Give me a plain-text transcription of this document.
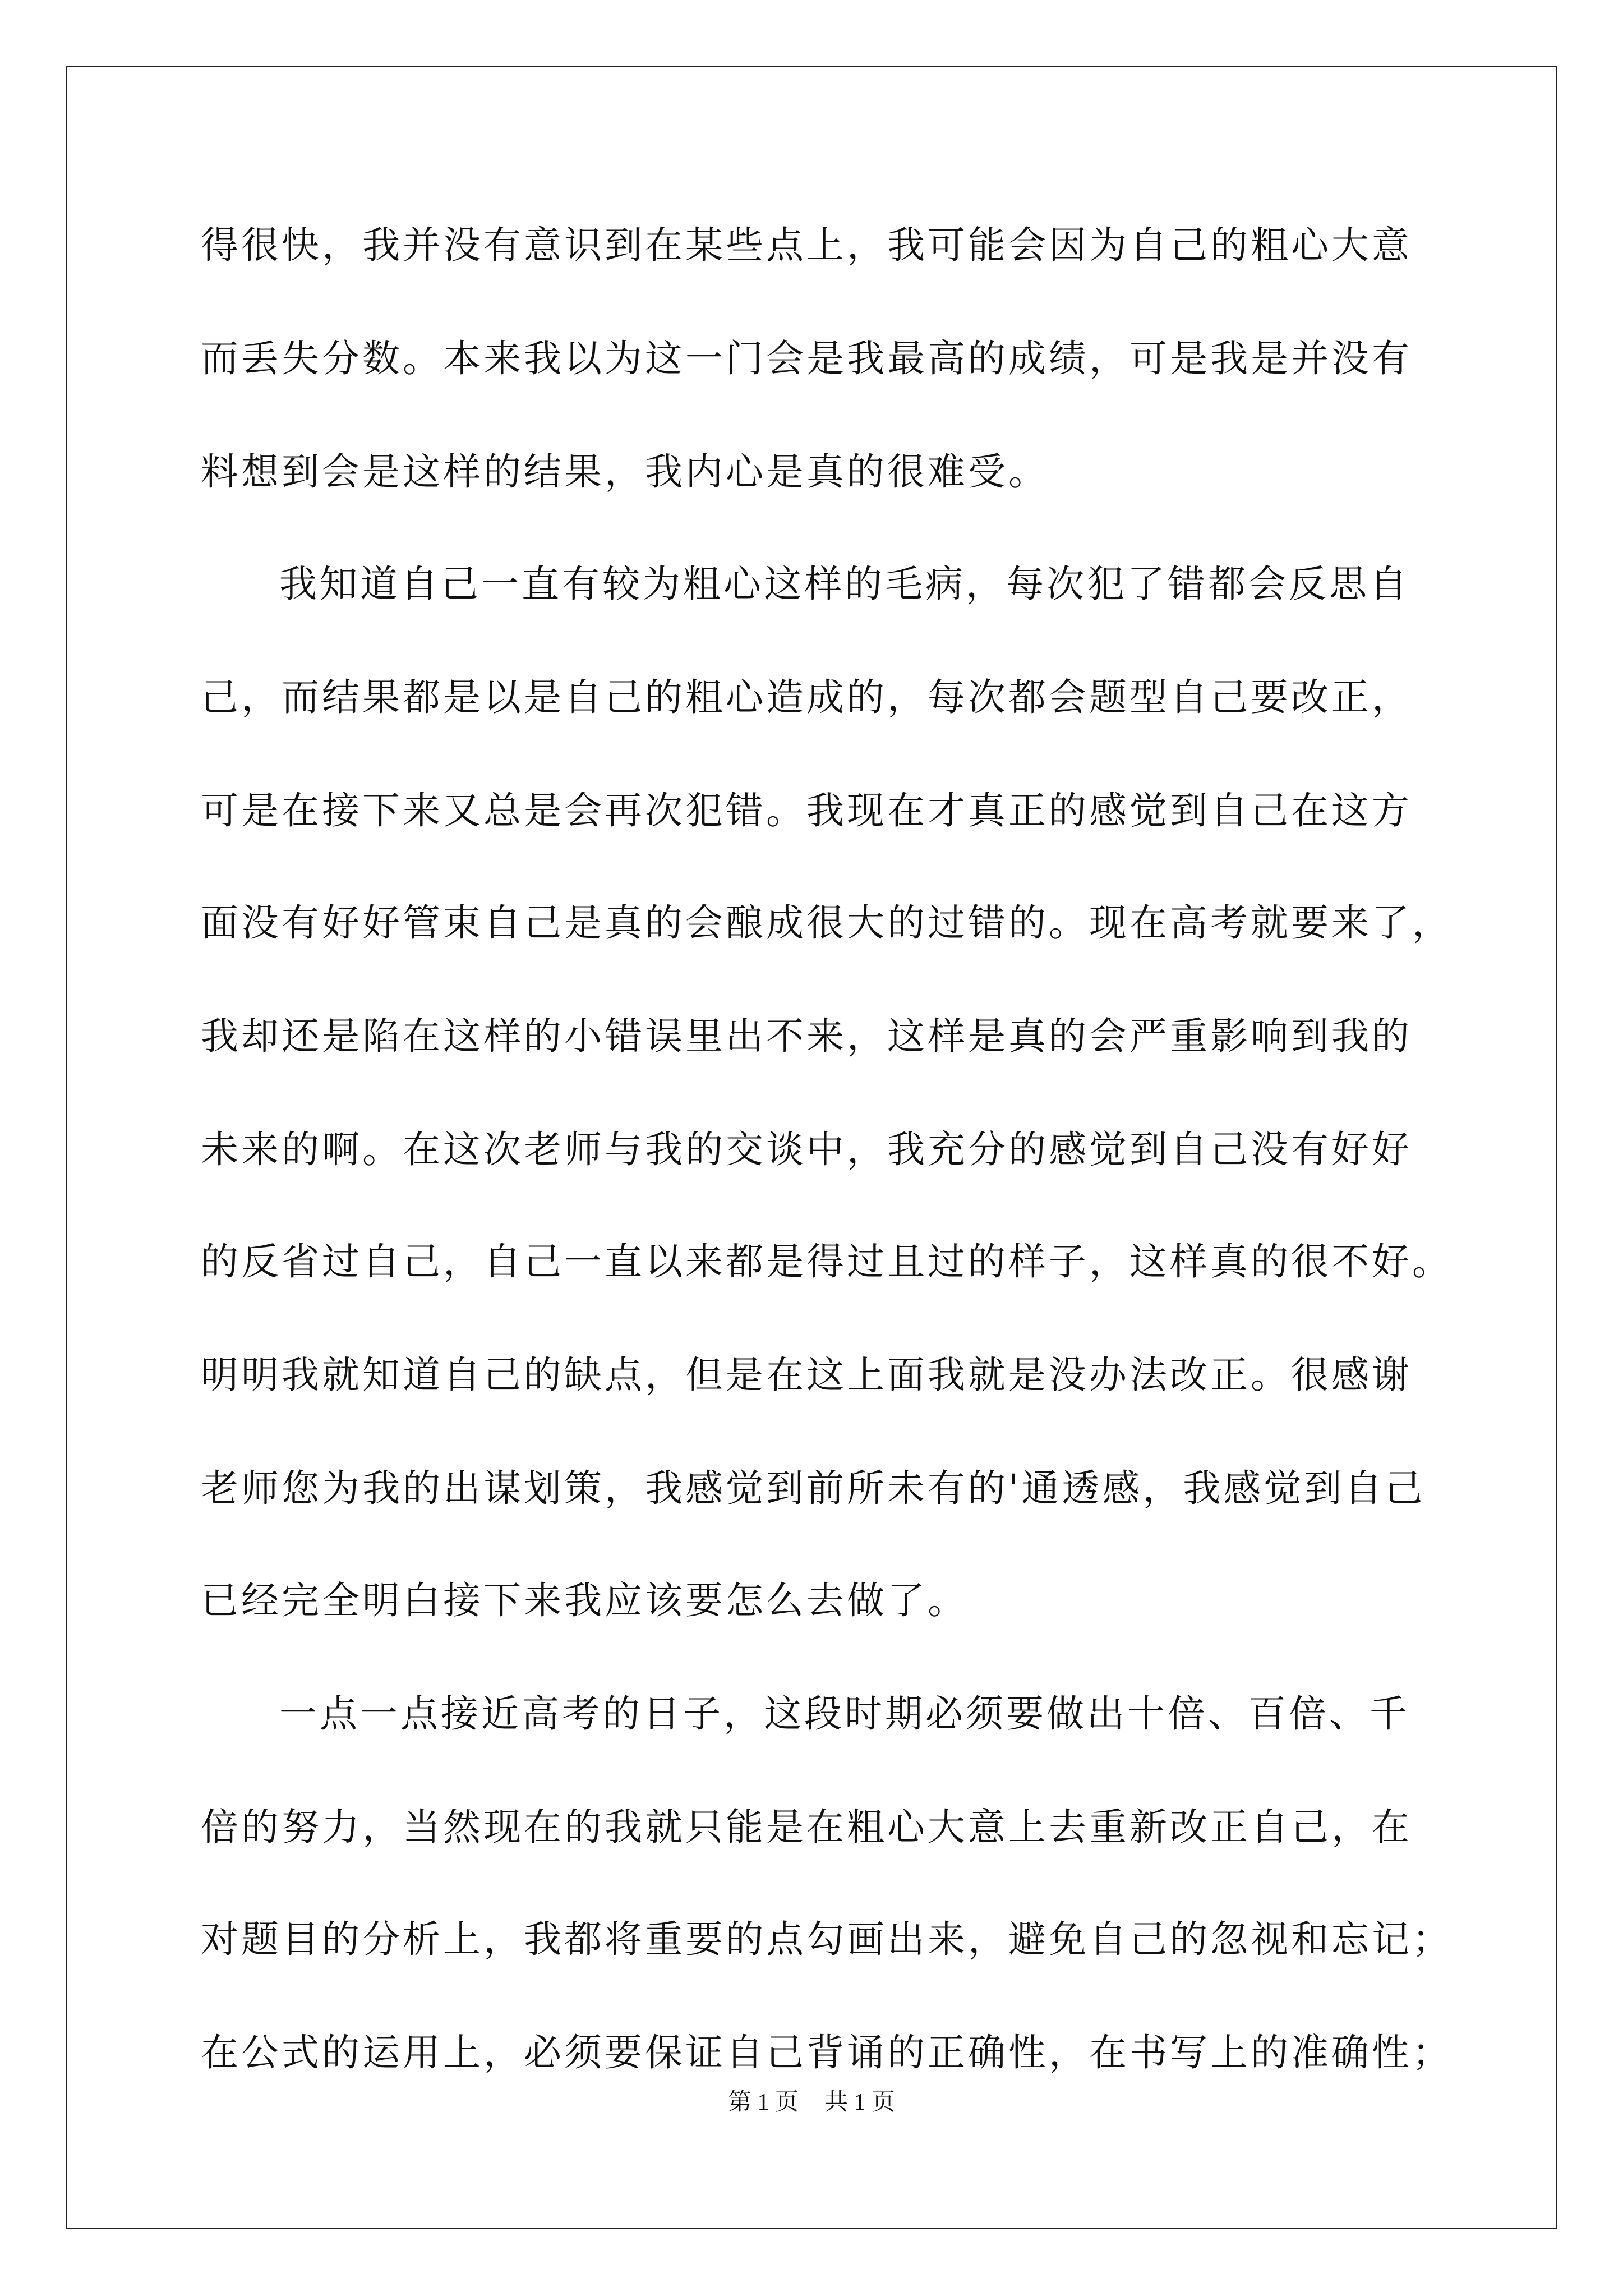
得很快，我并没有意识到在某些点上，我可能会因为自己的粗心大意
而丢失分数。本来我以为这一门会是我最高的成绩，可是我是并没有
料想到会是这样的结果，我内心是真的很难受。
我知道自己一直有较为粗心这样的毛病，每次犯了错都会反思自
己，而结果都是以是自己的粗心造成的，每次都会题型自己要改正，
可是在接下来又总是会再次犯错。我现在才真正的感觉到自己在这方
面没有好好管束自己是真的会酿成很大的过错的。现在高考就要来了，
我却还是陷在这样的小错误里出不来，这样是真的会严重影响到我的
未来的啊。在这次老师与我的交谈中，我充分的感觉到自己没有好好
的反省过自己，自己一直以来都是得过且过的样子，这样真的很不好。
明明我就知道自己的缺点，但是在这上面我就是没办法改正。很感谢
老师您为我的出谋划策，我感觉到前所未有的'通透感，我感觉到自己
已经完全明白接下来我应该要怎么去做了。
一点一点接近高考的日子，这段时期必须要做出十倍、百倍、千
倍的努力，当然现在的我就只能是在粗心大意上去重新改正自己，在
对题目的分析上，我都将重要的点勾画出来，避免自己的忽视和忘记；
在公式的运用上，必须要保证自己背诵的正确性，在书写上的准确性；
第 1 页 共 1 页
